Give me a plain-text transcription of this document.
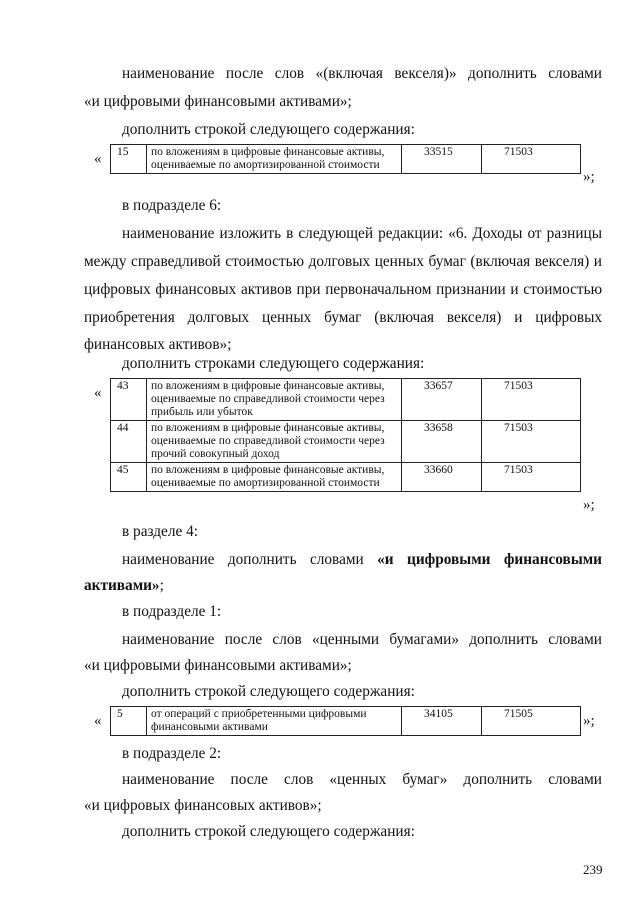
наименование после слов «(включая векселя)» дополнить словами
«и цифровыми финансовыми активами»;
дополнить строкой следующего содержания:
« 15	по вложениям в цифровые финансовые активы, оцениваемые по амортизированной стоимости	33515	71503
»;
в подразделе 6:
наименование изложить в следующей редакции: «6. Доходы от разницы
между справедливой стоимостью долговых ценных бумаг (включая векселя) и
цифровых финансовых активов при первоначальном признании и стоимостью
приобретения долговых ценных бумаг (включая векселя) и цифровых
финансовых активов»;
дополнить строками следующего содержания:
« 43	по вложениям в цифровые финансовые активы, оцениваемые по справедливой стоимости через прибыль или убыток	33657	71503
44	по вложениям в цифровые финансовые активы, оцениваемые по справедливой стоимости через прочий совокупный доход	33658	71503
45	по вложениям в цифровые финансовые активы, оцениваемые по амортизированной стоимости	33660	71503
»;
в разделе 4:
наименование дополнить словами «и цифровыми финансовыми
активами»;
в подразделе 1:
наименование после слов «ценными бумагами» дополнить словами
«и цифровыми финансовыми активами»;
дополнить строкой следующего содержания:
« 5	от операций с приобретенными цифровыми финансовыми активами	34105	71505	»;
в подразделе 2:
наименование после слов «ценных бумаг» дополнить словами
«и цифровых финансовых активов»;
дополнить строкой следующего содержания:
239
